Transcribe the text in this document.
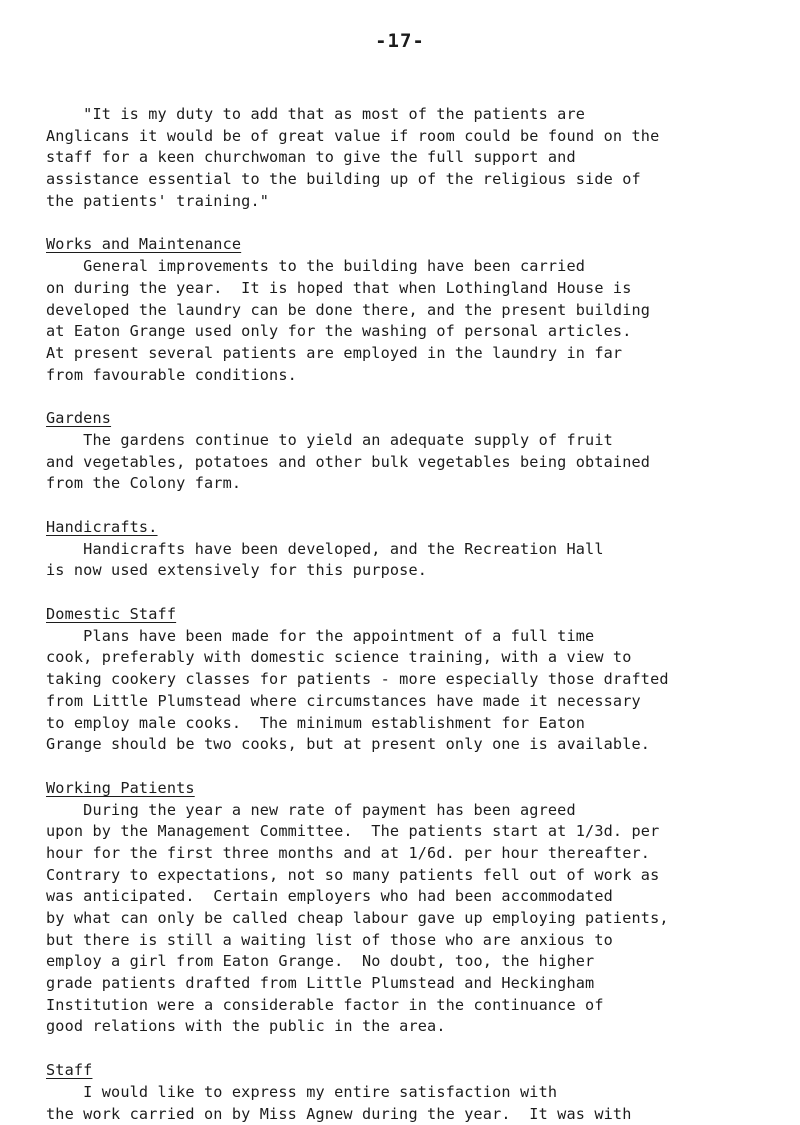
-17-
"It is my duty to add that as most of the patients are
Anglicans it would be of great value if room could be found on the
staff for a keen churchwoman to give the full support and
assistance essential to the building up of the religious side of
the patients' training."
Works and Maintenance
General improvements to the building have been carried
on during the year.  It is hoped that when Lothingland House is
developed the laundry can be done there, and the present building
at Eaton Grange used only for the washing of personal articles.
At present several patients are employed in the laundry in far
from favourable conditions.
Gardens
The gardens continue to yield an adequate supply of fruit
and vegetables, potatoes and other bulk vegetables being obtained
from the Colony farm.
Handicrafts.
Handicrafts have been developed, and the Recreation Hall
is now used extensively for this purpose.
Domestic Staff
Plans have been made for the appointment of a full time
cook, preferably with domestic science training, with a view to
taking cookery classes for patients - more especially those drafted
from Little Plumstead where circumstances have made it necessary
to employ male cooks.  The minimum establishment for Eaton
Grange should be two cooks, but at present only one is available.
Working Patients
During the year a new rate of payment has been agreed
upon by the Management Committee.  The patients start at 1/3d. per
hour for the first three months and at 1/6d. per hour thereafter.
Contrary to expectations, not so many patients fell out of work as
was anticipated.  Certain employers who had been accommodated
by what can only be called cheap labour gave up employing patients,
but there is still a waiting list of those who are anxious to
employ a girl from Eaton Grange.  No doubt, too, the higher
grade patients drafted from Little Plumstead and Heckingham
Institution were a considerable factor in the continuance of
good relations with the public in the area.
Staff
I would like to express my entire satisfaction with
the work carried on by Miss Agnew during the year.  It was with
